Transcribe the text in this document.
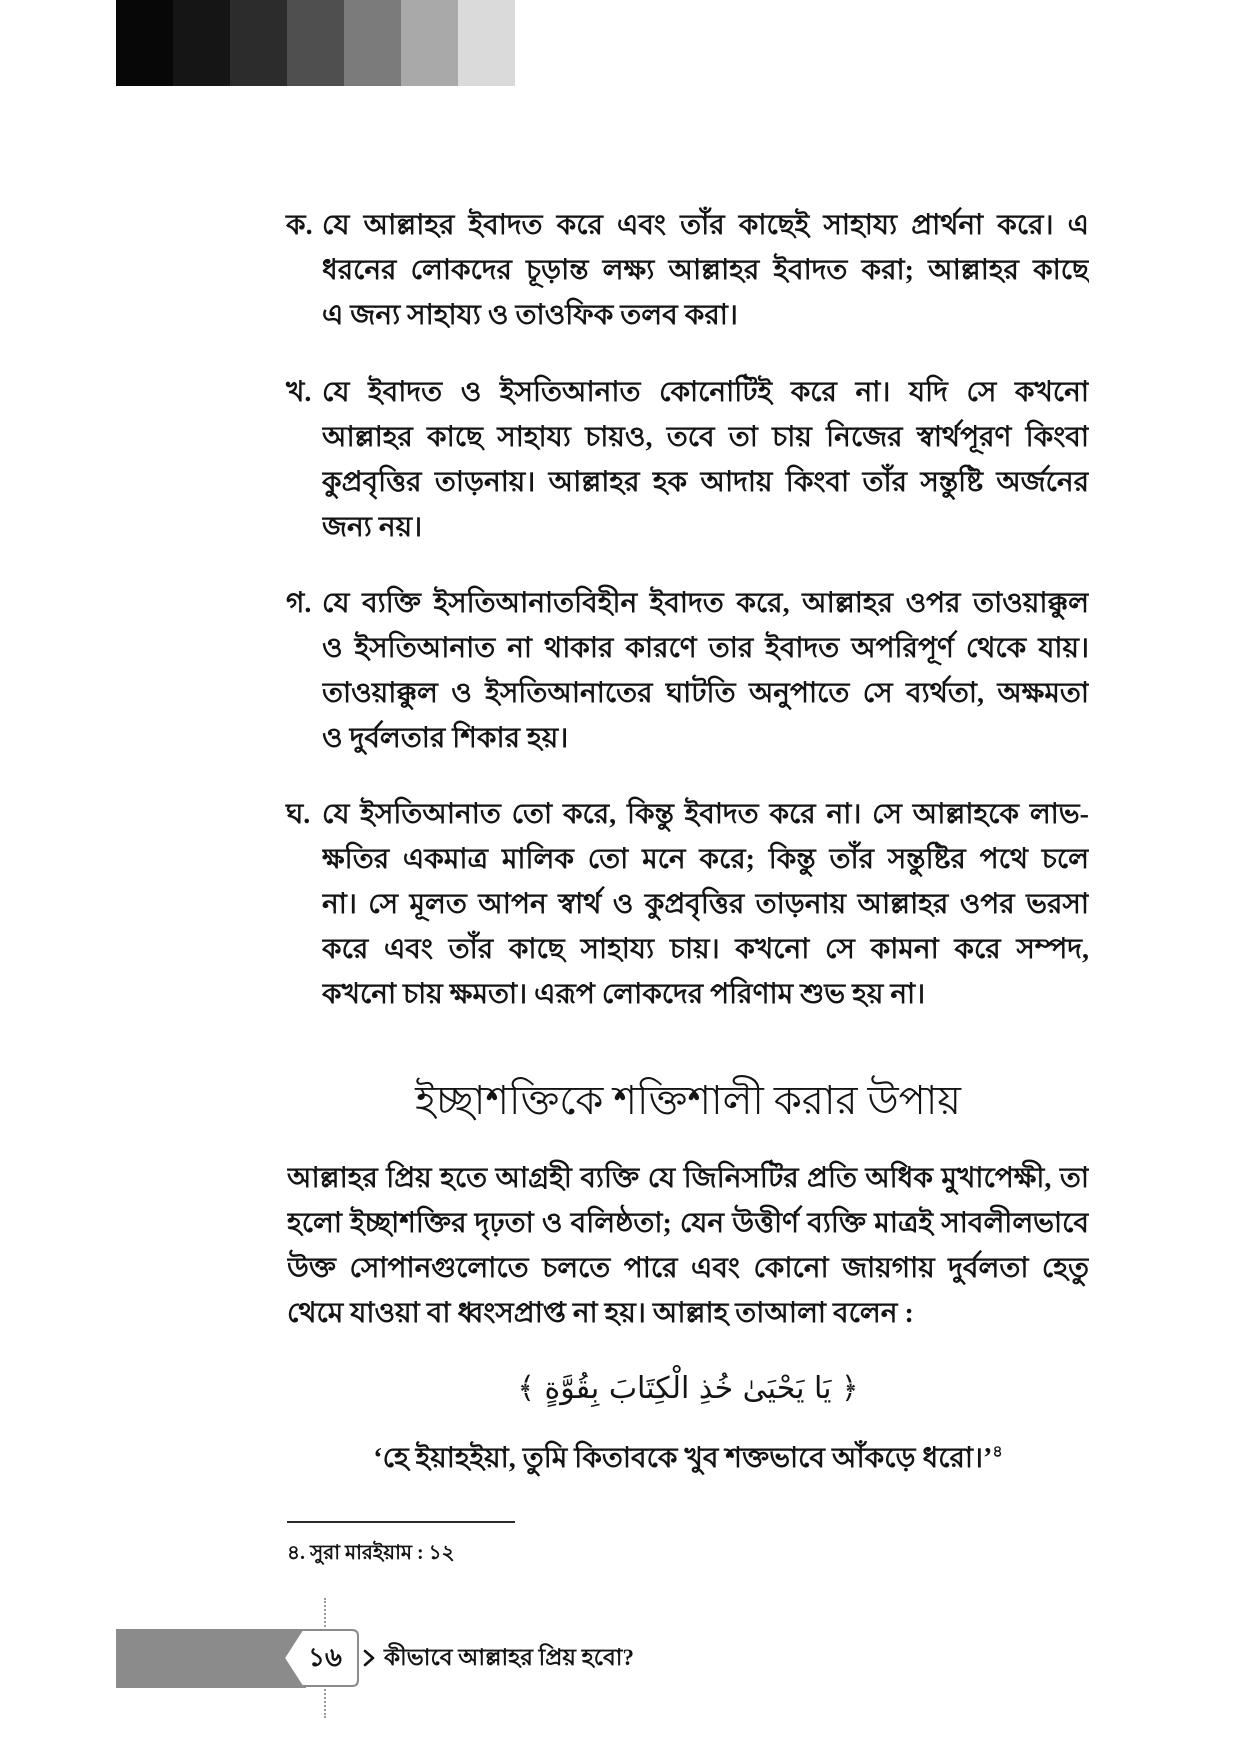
ক. যে আল্লাহর ইবাদত করে এবং তাঁর কাছেই সাহায্য প্রার্থনা করে। এ
ধরনের লোকদের চূড়ান্ত লক্ষ্য আল্লাহর ইবাদত করা; আল্লাহর কাছে
এ জন্য সাহায্য ও তাওফিক তলব করা।
খ. যে ইবাদত ও ইসতিআনাত কোনোটিই করে না। যদি সে কখনো
আল্লাহর কাছে সাহায্য চায়ও, তবে তা চায় নিজের স্বার্থপূরণ কিংবা
কুপ্রবৃত্তির তাড়নায়। আল্লাহর হক আদায় কিংবা তাঁর সন্তুষ্টি অর্জনের
জন্য নয়।
গ. যে ব্যক্তি ইসতিআনাতবিহীন ইবাদত করে, আল্লাহর ওপর তাওয়াক্কুল
ও ইসতিআনাত না থাকার কারণে তার ইবাদত অপরিপূর্ণ থেকে যায়।
তাওয়াক্কুল ও ইসতিআনাতের ঘাটতি অনুপাতে সে ব্যর্থতা, অক্ষমতা
ও দুর্বলতার শিকার হয়।
ঘ. যে ইসতিআনাত তো করে, কিন্তু ইবাদত করে না। সে আল্লাহকে লাভ-
ক্ষতির একমাত্র মালিক তো মনে করে; কিন্তু তাঁর সন্তুষ্টির পথে চলে
না। সে মূলত আপন স্বার্থ ও কুপ্রবৃত্তির তাড়নায় আল্লাহর ওপর ভরসা
করে এবং তাঁর কাছে সাহায্য চায়। কখনো সে কামনা করে সম্পদ,
কখনো চায় ক্ষমতা। এরূপ লোকদের পরিণাম শুভ হয় না।
ইচ্ছাশক্তিকে শক্তিশালী করার উপায়
আল্লাহর প্রিয় হতে আগ্রহী ব্যক্তি যে জিনিসটির প্রতি অধিক মুখাপেক্ষী, তা
হলো ইচ্ছাশক্তির দৃঢ়তা ও বলিষ্ঠতা; যেন উত্তীর্ণ ব্যক্তি মাত্রই সাবলীলভাবে
উক্ত সোপানগুলোতে চলতে পারে এবং কোনো জায়গায় দুর্বলতা হেতু
থেমে যাওয়া বা ধ্বংসপ্রাপ্ত না হয়। আল্লাহ তাআলা বলেন :
﴿ يَا يَحْيَىٰ خُذِ الْكِتَابَ بِقُوَّةٍ ﴾
‘হে ইয়াহইয়া, তুমি কিতাবকে খুব শক্তভাবে আঁকড়ে ধরো।’$^৪$
৪. সুরা মারইয়াম : ১২
১৬	কীভাবে আল্লাহর প্রিয় হবো?
